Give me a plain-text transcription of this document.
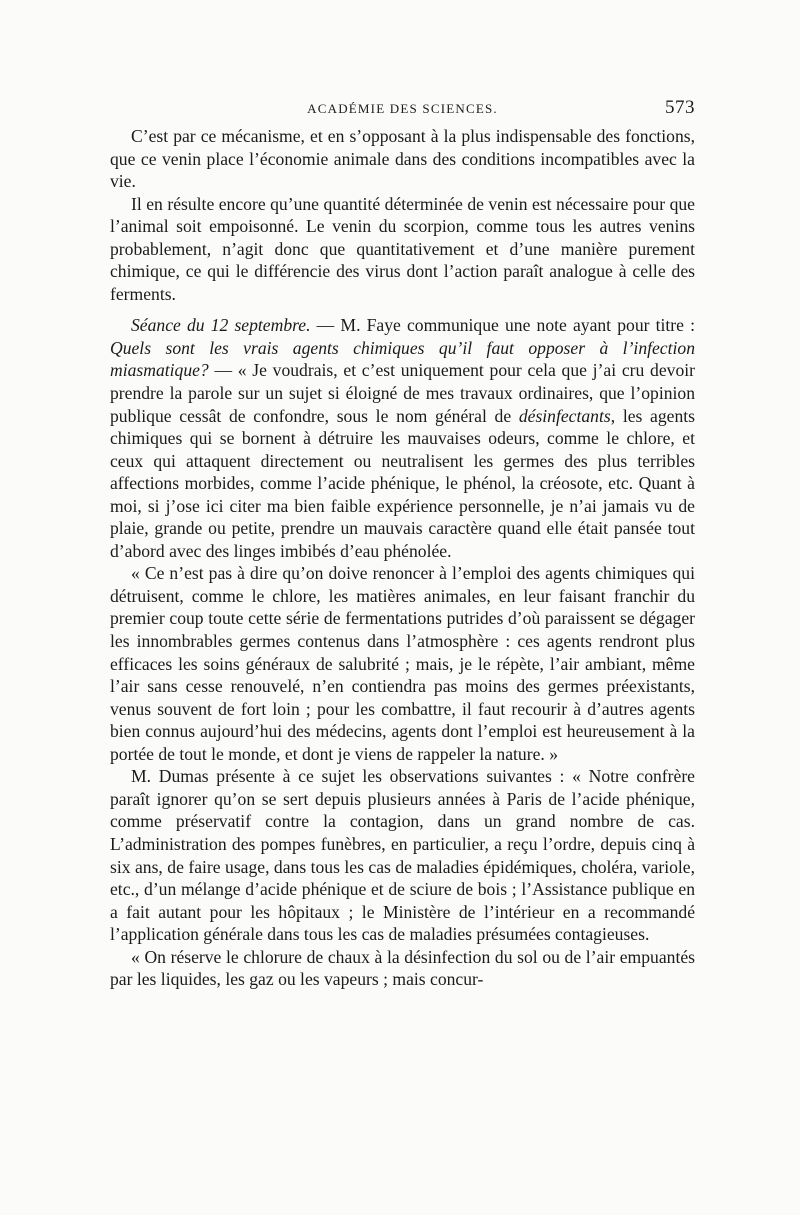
ACADÉMIE DES SCIENCES.	573

C’est par ce mécanisme, et en s’opposant à la plus indispensable des fonctions, que ce venin place l’économie animale dans des conditions incompatibles avec la vie.

Il en résulte encore qu’une quantité déterminée de venin est nécessaire pour que l’animal soit empoisonné. Le venin du scorpion, comme tous les autres venins probablement, n’agit donc que quantitativement et d’une manière purement chimique, ce qui le différencie des virus dont l’action paraît analogue à celle des ferments.

Séance du 12 septembre. — M. Faye communique une note ayant pour titre : Quels sont les vrais agents chimiques qu’il faut opposer à l’infection miasmatique? — « Je voudrais, et c’est uniquement pour cela que j’ai cru devoir prendre la parole sur un sujet si éloigné de mes travaux ordinaires, que l’opinion publique cessât de confondre, sous le nom général de désinfectants, les agents chimiques qui se bornent à détruire les mauvaises odeurs, comme le chlore, et ceux qui attaquent directement ou neutralisent les germes des plus terribles affections morbides, comme l’acide phénique, le phénol, la créosote, etc. Quant à moi, si j’ose ici citer ma bien faible expérience personnelle, je n’ai jamais vu de plaie, grande ou petite, prendre un mauvais caractère quand elle était pansée tout d’abord avec des linges imbibés d’eau phénolée.

« Ce n’est pas à dire qu’on doive renoncer à l’emploi des agents chimiques qui détruisent, comme le chlore, les matières animales, en leur faisant franchir du premier coup toute cette série de fermentations putrides d’où paraissent se dégager les innombrables germes contenus dans l’atmosphère : ces agents rendront plus efficaces les soins généraux de salubrité ; mais, je le répète, l’air ambiant, même l’air sans cesse renouvelé, n’en contiendra pas moins des germes préexistants, venus souvent de fort loin ; pour les combattre, il faut recourir à d’autres agents bien connus aujourd’hui des médecins, agents dont l’emploi est heureusement à la portée de tout le monde, et dont je viens de rappeler la nature. »

M. Dumas présente à ce sujet les observations suivantes : « Notre confrère paraît ignorer qu’on se sert depuis plusieurs années à Paris de l’acide phénique, comme préservatif contre la contagion, dans un grand nombre de cas. L’administration des pompes funèbres, en particulier, a reçu l’ordre, depuis cinq à six ans, de faire usage, dans tous les cas de maladies épidémiques, choléra, variole, etc., d’un mélange d’acide phénique et de sciure de bois ; l’Assistance publique en a fait autant pour les hôpitaux ; le Ministère de l’intérieur en a recommandé l’application générale dans tous les cas de maladies présumées contagieuses.

« On réserve le chlorure de chaux à la désinfection du sol ou de l’air empuantés par les liquides, les gaz ou les vapeurs ; mais concur-
